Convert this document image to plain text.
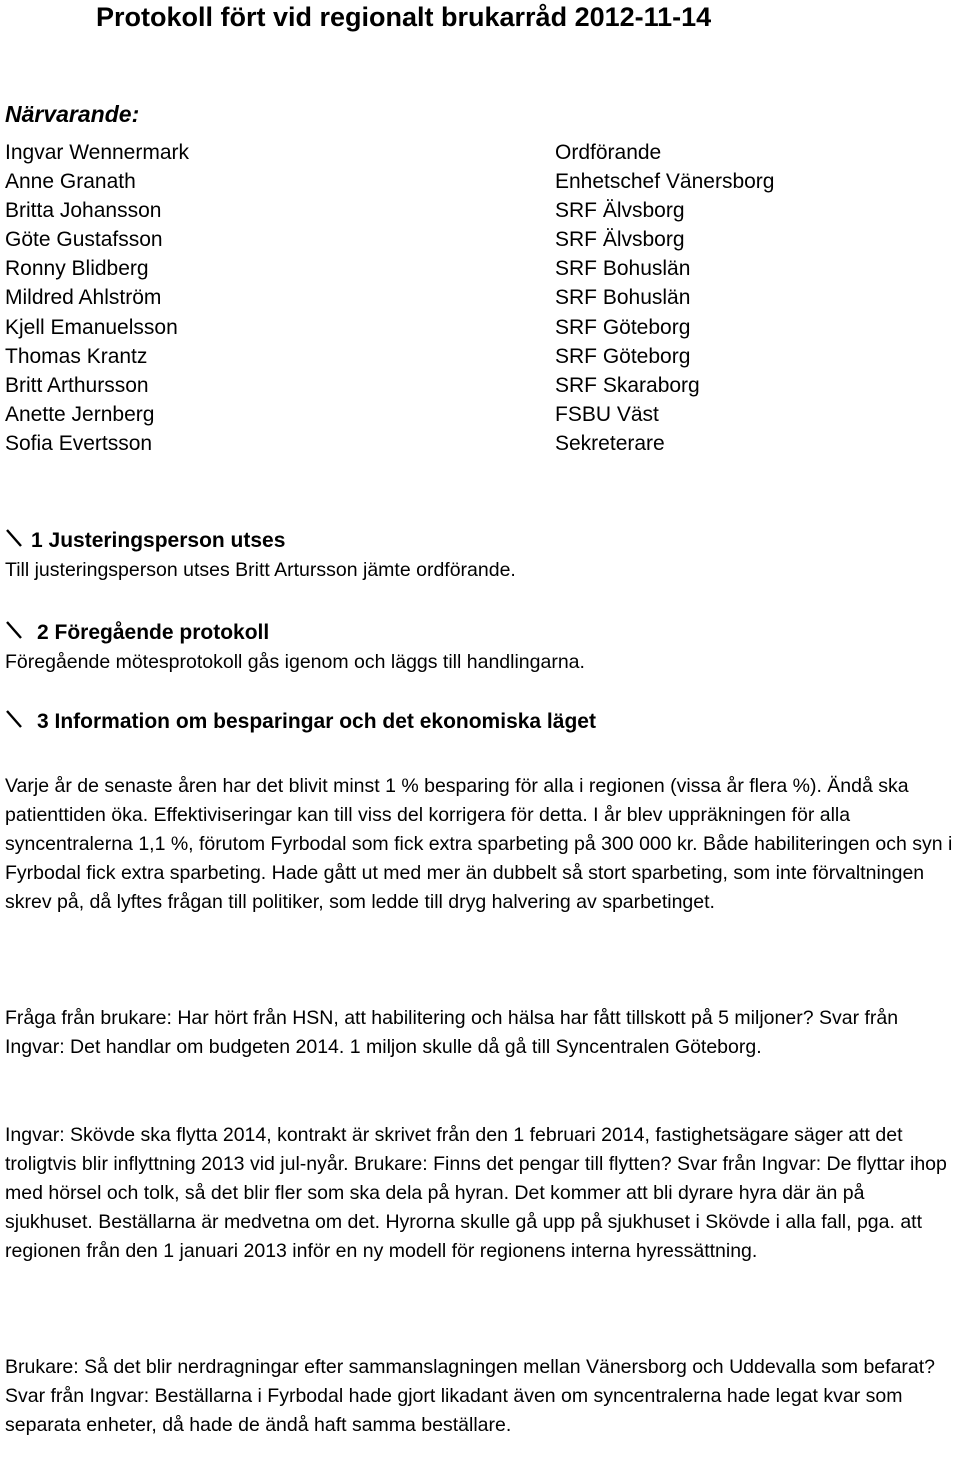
Protokoll fört vid regionalt brukarråd 2012-11-14
Närvarande:
Ingvar Wennermark	Ordförande
Anne Granath	Enhetschef Vänersborg
Britta Johansson	SRF Älvsborg
Göte Gustafsson	SRF Älvsborg
Ronny Blidberg	SRF Bohuslän
Mildred Ahlström	SRF Bohuslän
Kjell Emanuelsson	SRF Göteborg
Thomas Krantz	SRF Göteborg
Britt Arthursson	SRF Skaraborg
Anette Jernberg	FSBU Väst
Sofia Evertsson	Sekreterare
1 Justeringsperson utses
Till justeringsperson utses Britt Artursson jämte ordförande.
2 Föregående protokoll
Föregående mötesprotokoll gås igenom och läggs till handlingarna.
3 Information om besparingar och det ekonomiska läget

Varje år de senaste åren har det blivit minst 1 % besparing för alla i regionen (vissa år flera %). Ändå ska patienttiden öka. Effektiviseringar kan till viss del korrigera för detta. I år blev uppräkningen för alla syncentralerna 1,1 %, förutom Fyrbodal som fick extra sparbeting på 300 000 kr. Både habiliteringen och syn i Fyrbodal fick extra sparbeting. Hade gått ut med mer än dubbelt så stort sparbeting, som inte förvaltningen skrev på, då lyftes frågan till politiker, som ledde till dryg halvering av sparbetinget.

Fråga från brukare: Har hört från HSN, att habilitering och hälsa har fått tillskott på 5 miljoner? Svar från Ingvar: Det handlar om budgeten 2014. 1 miljon skulle då gå till Syncentralen Göteborg.

Ingvar: Skövde ska flytta 2014, kontrakt är skrivet från den 1 februari 2014, fastighetsägare säger att det troligtvis blir inflyttning 2013 vid jul-nyår. Brukare: Finns det pengar till flytten? Svar från Ingvar: De flyttar ihop med hörsel och tolk, så det blir fler som ska dela på hyran. Det kommer att bli dyrare hyra där än på sjukhuset. Beställarna är medvetna om det. Hyrorna skulle gå upp på sjukhuset i Skövde i alla fall, pga. att regionen från den 1 januari 2013 inför en ny modell för regionens interna hyressättning.

Brukare: Så det blir nerdragningar efter sammanslagningen mellan Vänersborg och Uddevalla som befarat? Svar från Ingvar: Beställarna i Fyrbodal hade gjort likadant även om syncentralerna hade legat kvar som separata enheter, då hade de ändå haft samma beställare.
